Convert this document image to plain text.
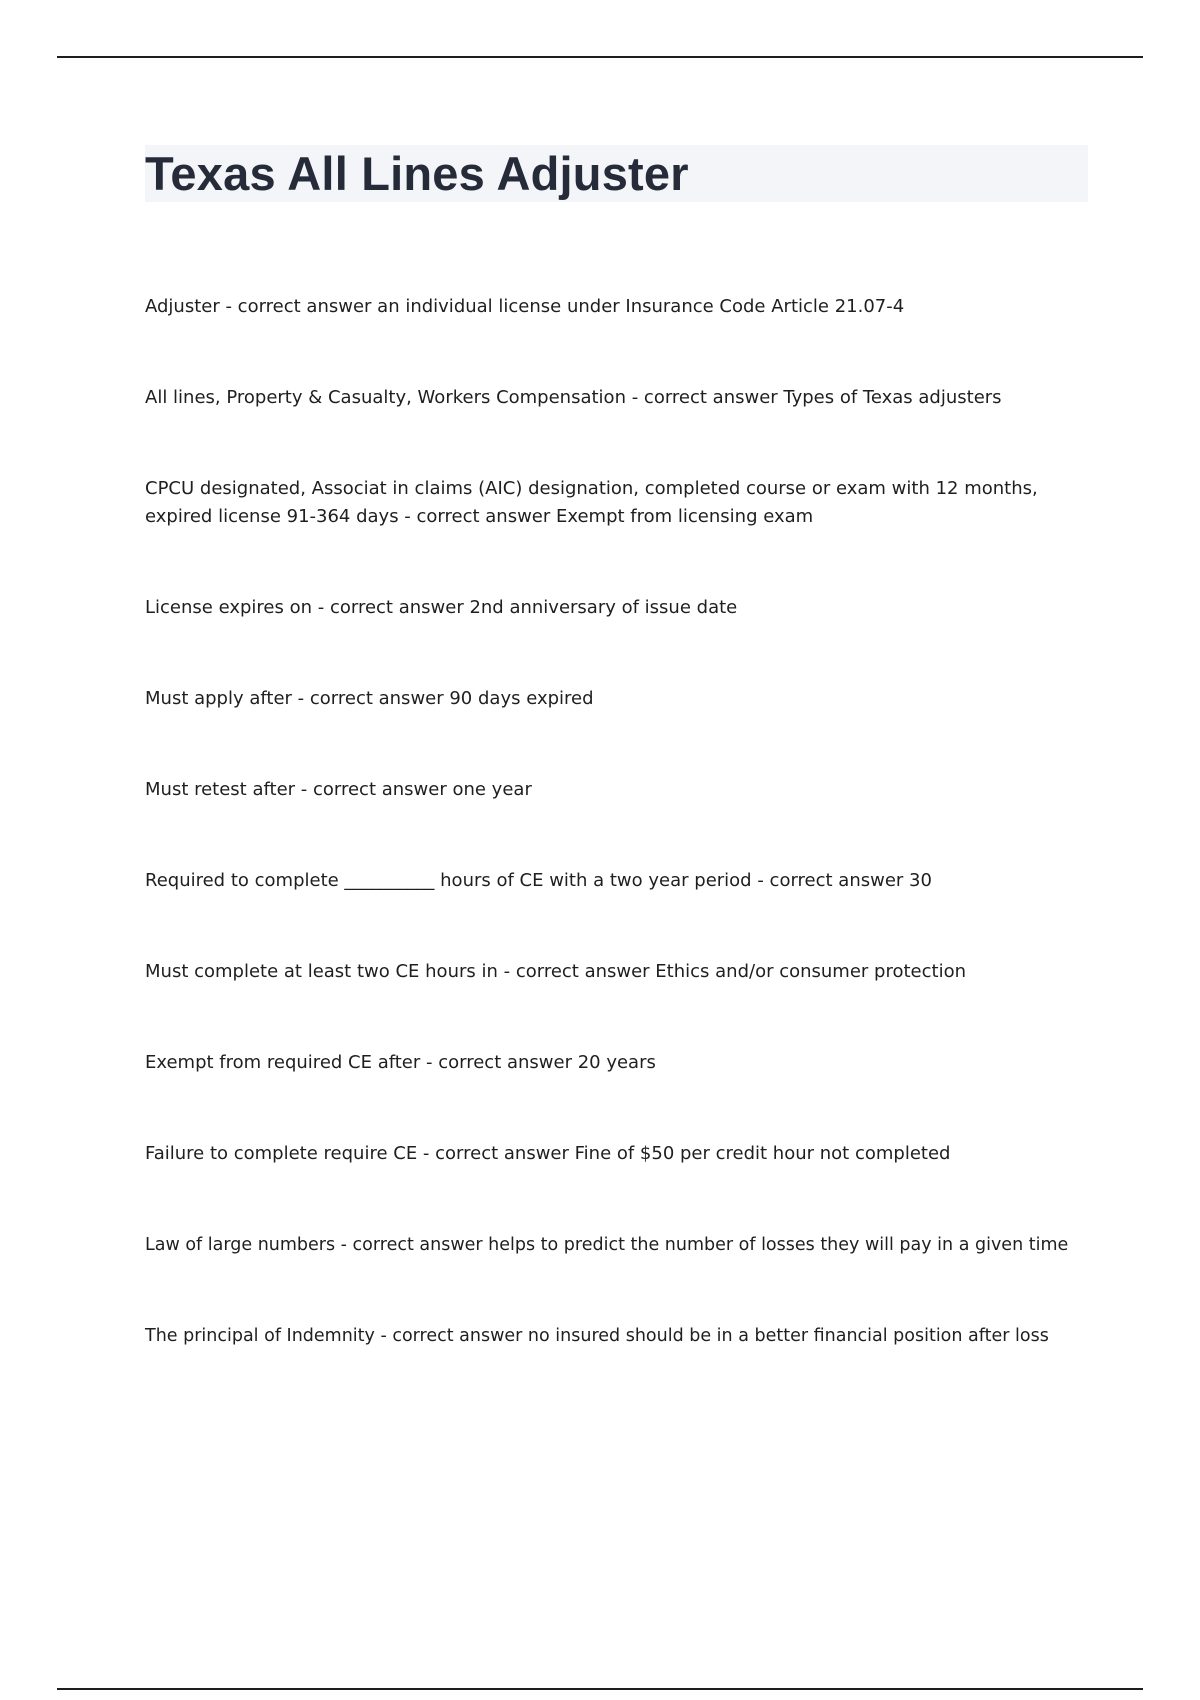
Texas All Lines Adjuster
Adjuster - correct answer an individual license under Insurance Code Article 21.07-4
All lines, Property & Casualty, Workers Compensation - correct answer Types of Texas adjusters
CPCU designated, Associat in claims (AIC) designation, completed course or exam with 12 months, expired license 91-364 days - correct answer Exempt from licensing exam
License expires on - correct answer 2nd anniversary of issue date
Must apply after - correct answer 90 days expired
Must retest after - correct answer one year
Required to complete __________ hours of CE with a two year period - correct answer 30
Must complete at least two CE hours in - correct answer Ethics and/or consumer protection
Exempt from required CE after - correct answer 20 years
Failure to complete require CE - correct answer Fine of $50 per credit hour not completed
Law of large numbers - correct answer helps to predict the number of losses they will pay in a given time
The principal of Indemnity - correct answer no insured should be in a better financial position after loss
